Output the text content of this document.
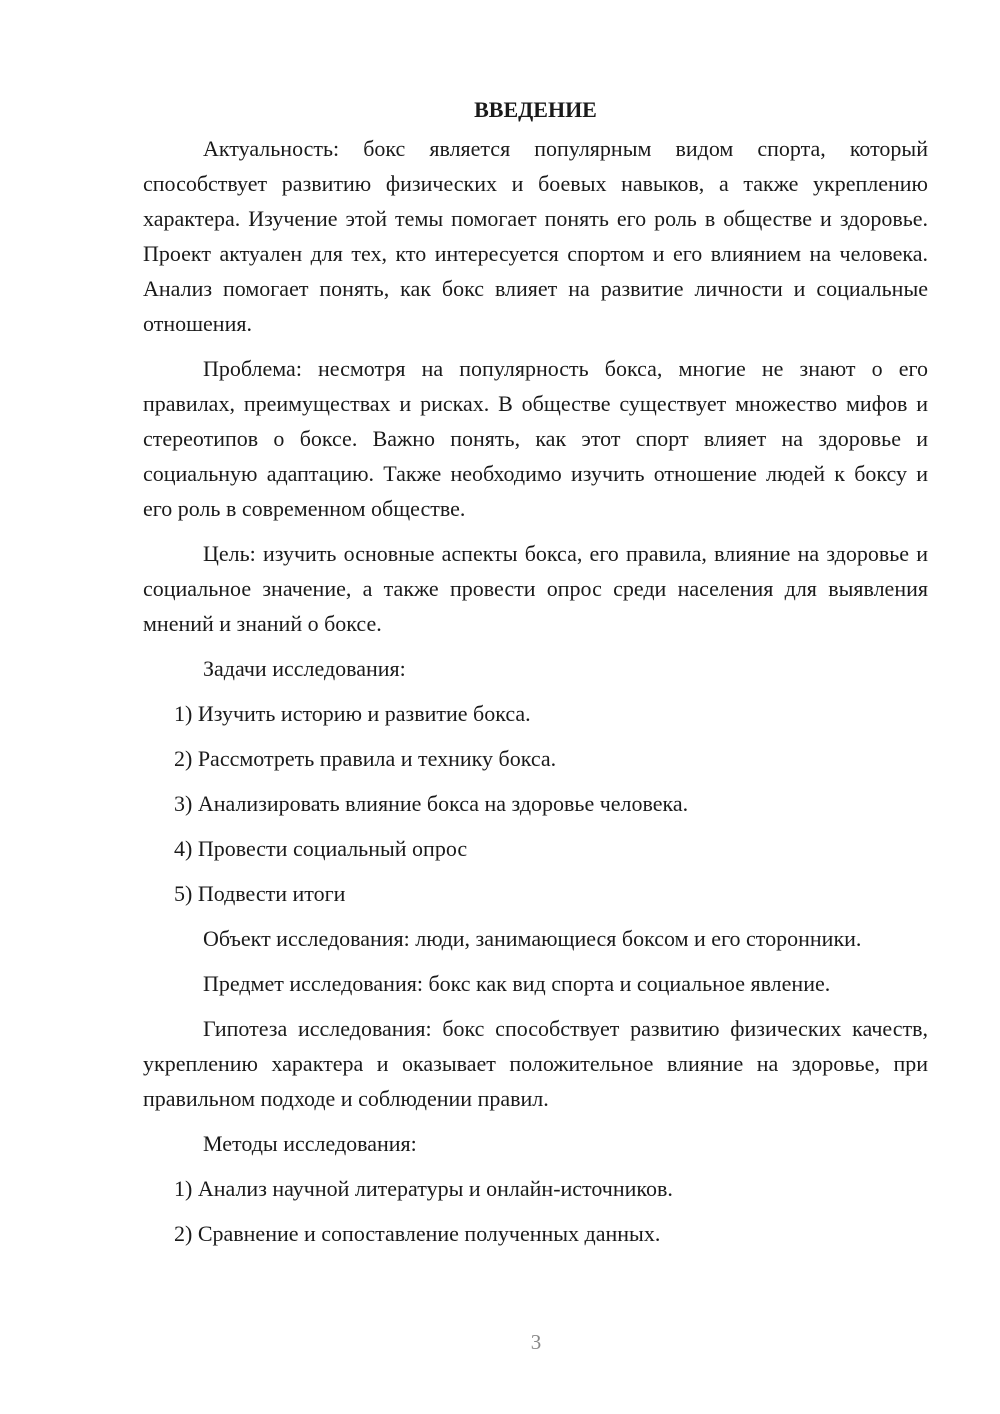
ВВЕДЕНИЕ

Актуальность: бокс является популярным видом спорта, который способствует развитию физических и боевых навыков, а также укреплению характера. Изучение этой темы помогает понять его роль в обществе и здоровье. Проект актуален для тех, кто интересуется спортом и его влиянием на человека. Анализ помогает понять, как бокс влияет на развитие личности и социальные отношения.

Проблема: несмотря на популярность бокса, многие не знают о его правилах, преимуществах и рисках. В обществе существует множество мифов и стереотипов о боксе. Важно понять, как этот спорт влияет на здоровье и социальную адаптацию. Также необходимо изучить отношение людей к боксу и его роль в современном обществе.

Цель: изучить основные аспекты бокса, его правила, влияние на здоровье и социальное значение, а также провести опрос среди населения для выявления мнений и знаний о боксе.

Задачи исследования:

1) Изучить историю и развитие бокса.

2) Рассмотреть правила и технику бокса.

3) Анализировать влияние бокса на здоровье человека.

4) Провести социальный опрос

5) Подвести итоги

Объект исследования: люди, занимающиеся боксом и его сторонники.

Предмет исследования: бокс как вид спорта и социальное явление.

Гипотеза исследования: бокс способствует развитию физических качеств, укреплению характера и оказывает положительное влияние на здоровье, при правильном подходе и соблюдении правил.

Методы исследования:

1) Анализ научной литературы и онлайн-источников.

2) Сравнение и сопоставление полученных данных.

3
